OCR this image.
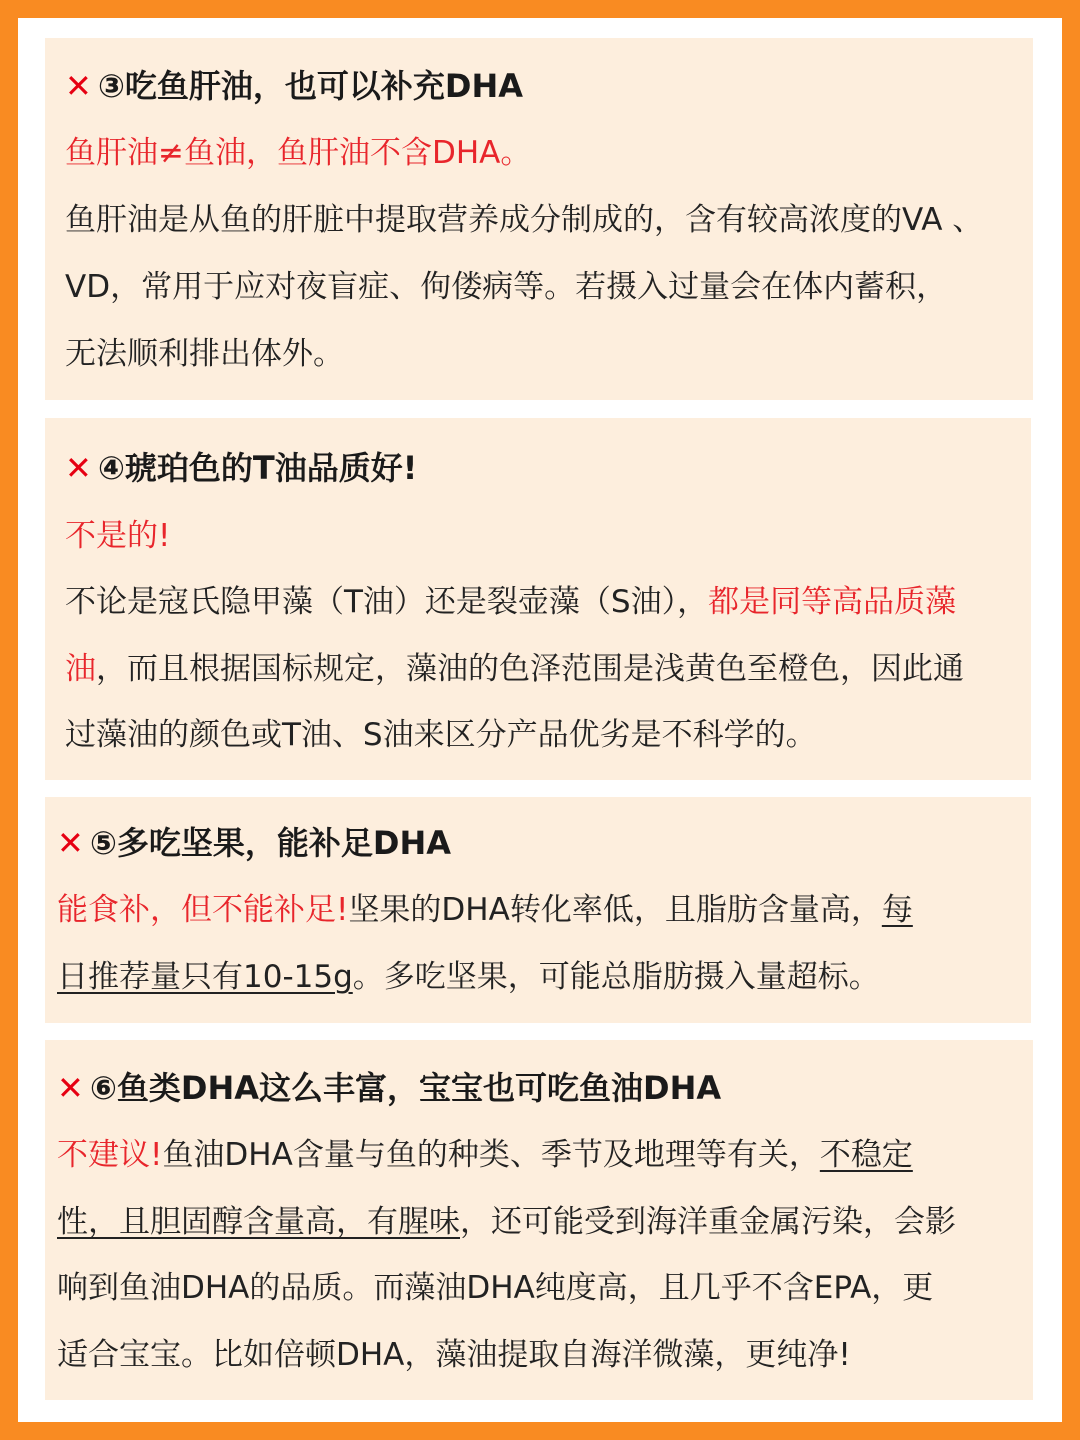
✕ ③吃鱼肝油，也可以补充DHA
鱼肝油≠鱼油，鱼肝油不含DHA。
鱼肝油是从鱼的肝脏中提取营养成分制成的，含有较高浓度的VA 、
VD，常用于应对夜盲症、佝偻病等。若摄入过量会在体内蓄积，
无法顺利排出体外。
✕ ④琥珀色的T油品质好!
不是的!
不论是寇氏隐甲藻（T油）还是裂壶藻（S油），都是同等高品质藻
油，而且根据国标规定，藻油的色泽范围是浅黄色至橙色，因此通
过藻油的颜色或T油、S油来区分产品优劣是不科学的。
✕ ⑤多吃坚果，能补足DHA
能食补，但不能补足!坚果的DHA转化率低，且脂肪含量高，每
日推荐量只有10-15g。多吃坚果，可能总脂肪摄入量超标。
✕ ⑥鱼类DHA这么丰富，宝宝也可吃鱼油DHA
不建议!鱼油DHA含量与鱼的种类、季节及地理等有关，不稳定
性，且胆固醇含量高，有腥味，还可能受到海洋重金属污染，会影
响到鱼油DHA的品质。而藻油DHA纯度高，且几乎不含EPA，更
适合宝宝。比如倍顿DHA，藻油提取自海洋微藻，更纯净!
